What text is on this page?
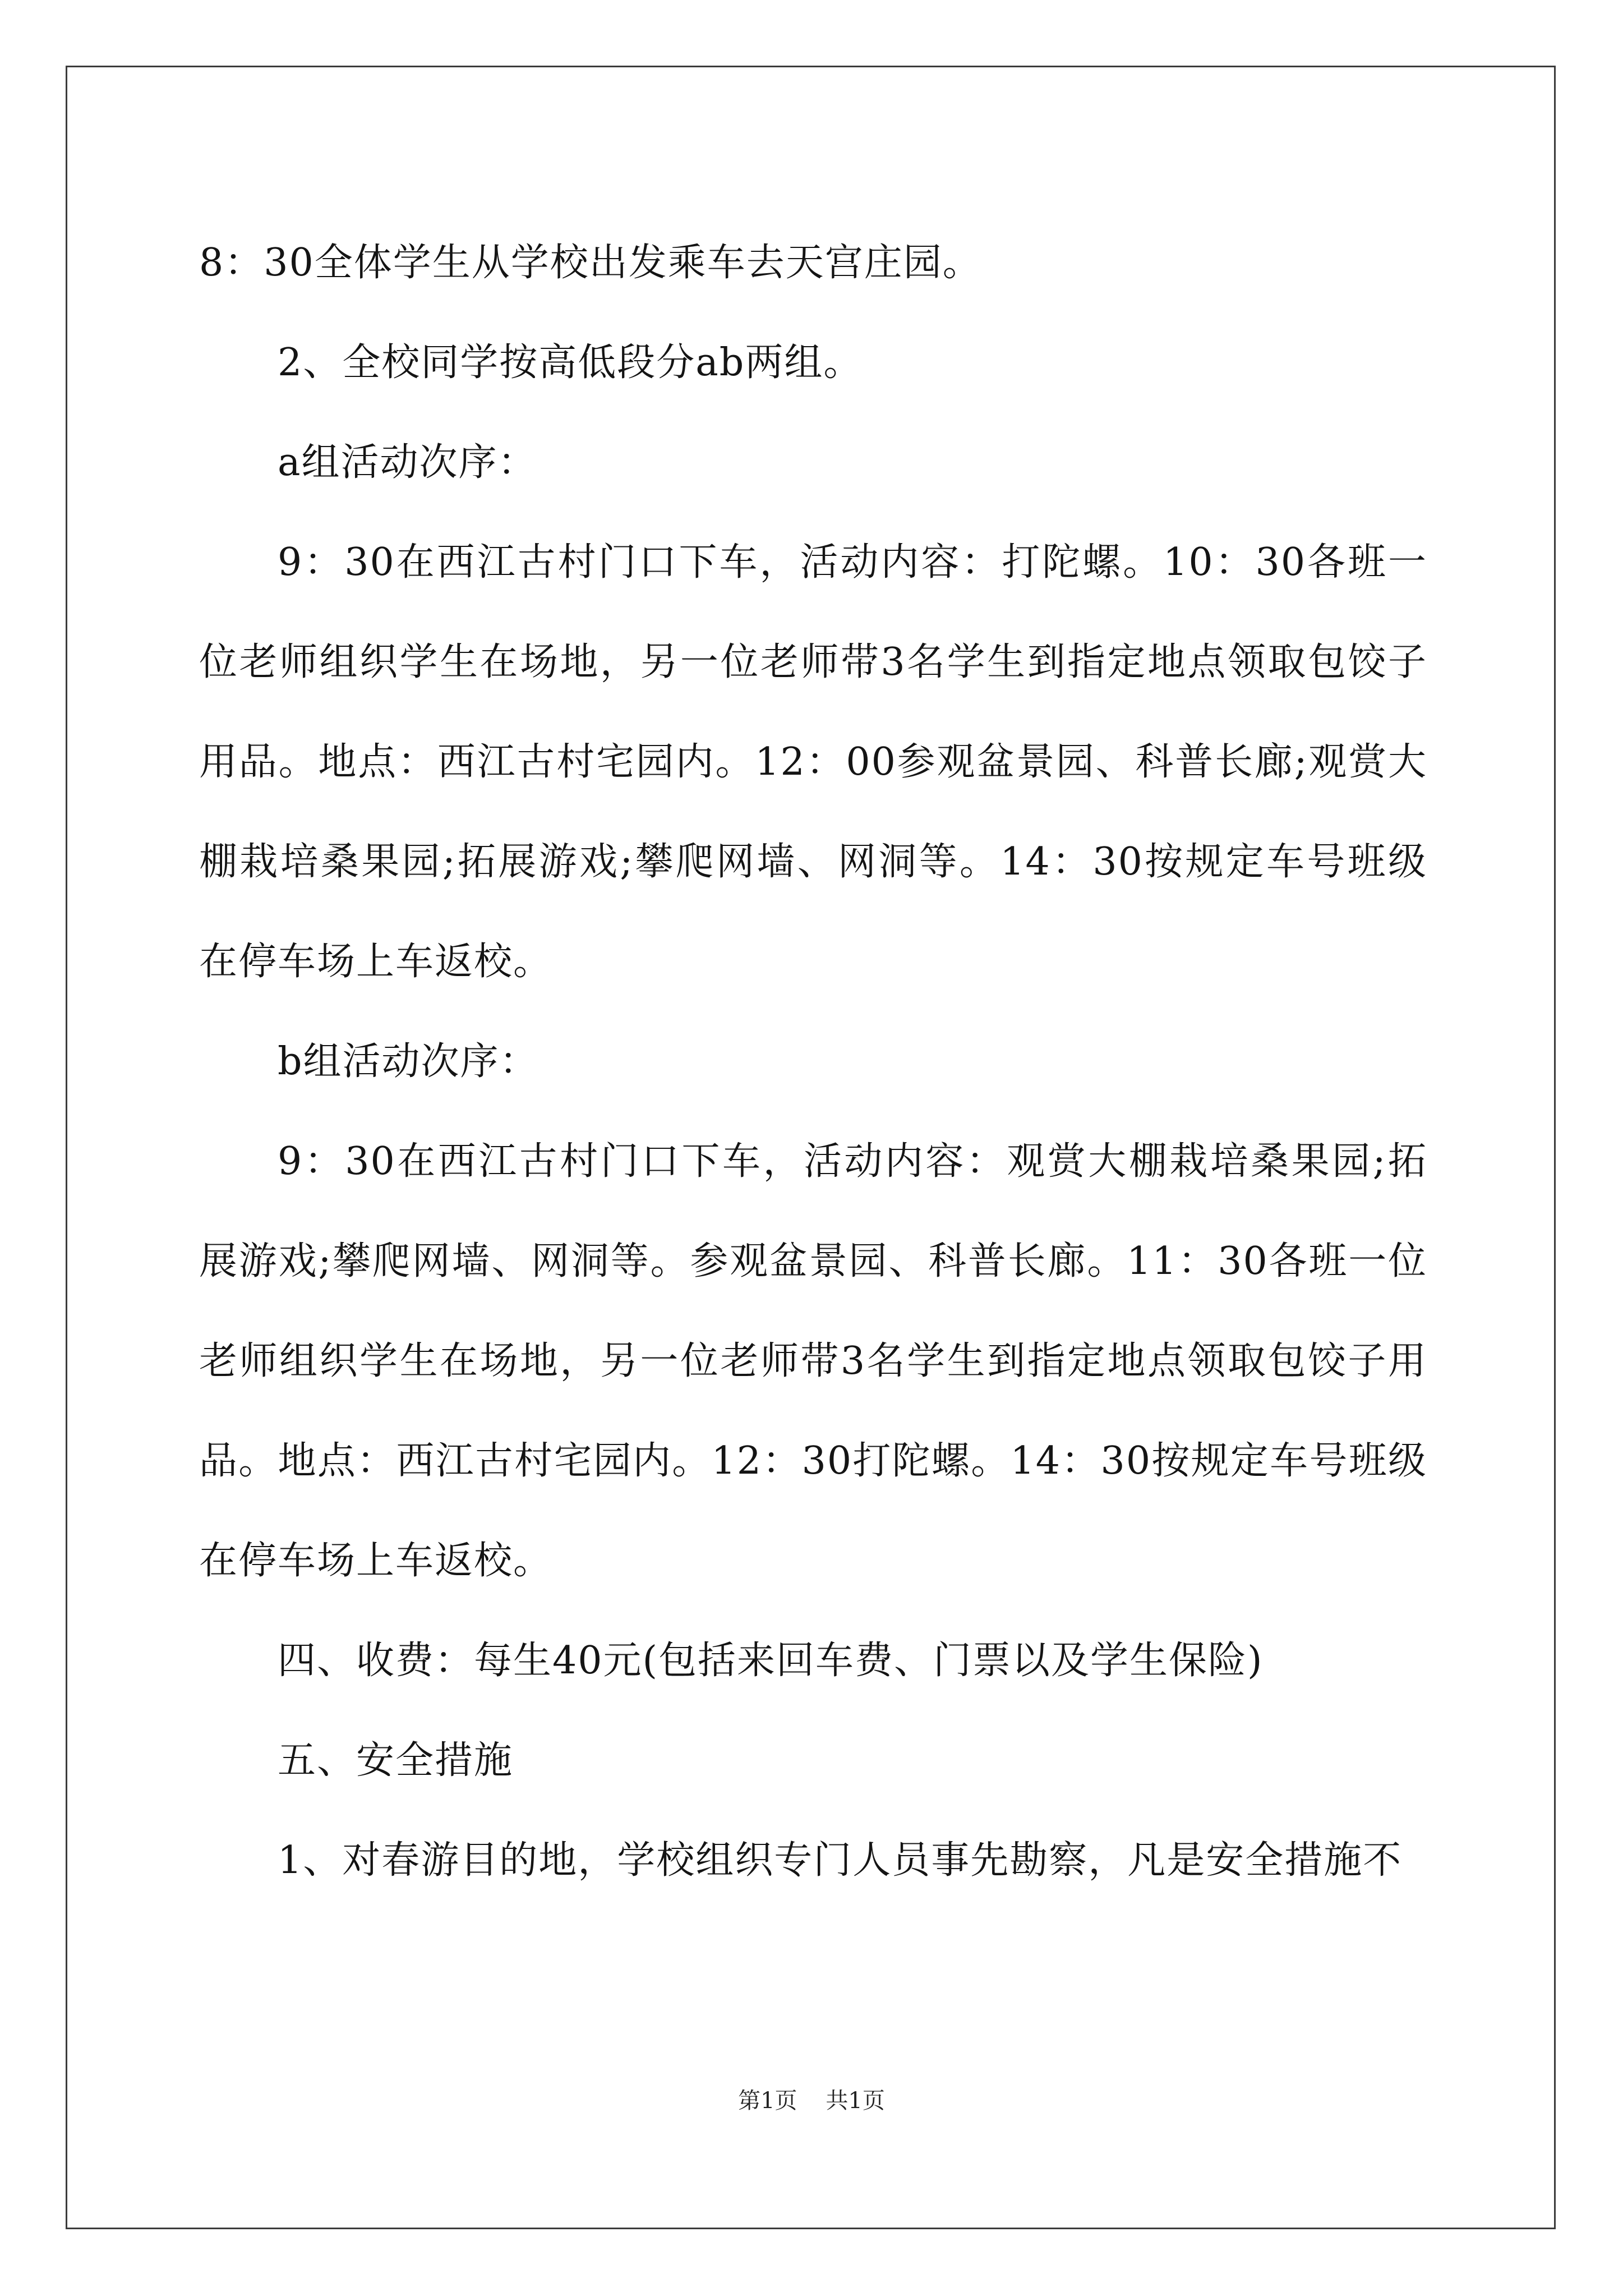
8：30全体学生从学校出发乘车去天宫庄园。

2、全校同学按高低段分ab两组。

a组活动次序：

9：30在西江古村门口下车，活动内容：打陀螺。10：30各班一位老师组织学生在场地，另一位老师带3名学生到指定地点领取包饺子用品。地点：西江古村宅园内。12：00参观盆景园、科普长廊;观赏大棚栽培桑果园;拓展游戏;攀爬网墙、网洞等。14：30按规定车号班级在停车场上车返校。

b组活动次序：

9：30在西江古村门口下车，活动内容：观赏大棚栽培桑果园;拓展游戏;攀爬网墙、网洞等。参观盆景园、科普长廊。11：30各班一位老师组织学生在场地，另一位老师带3名学生到指定地点领取包饺子用品。地点：西江古村宅园内。12：30打陀螺。14：30按规定车号班级在停车场上车返校。

四、收费：每生40元(包括来回车费、门票以及学生保险)

五、安全措施

1、对春游目的地，学校组织专门人员事先勘察，凡是安全措施不

第1页    共1页
